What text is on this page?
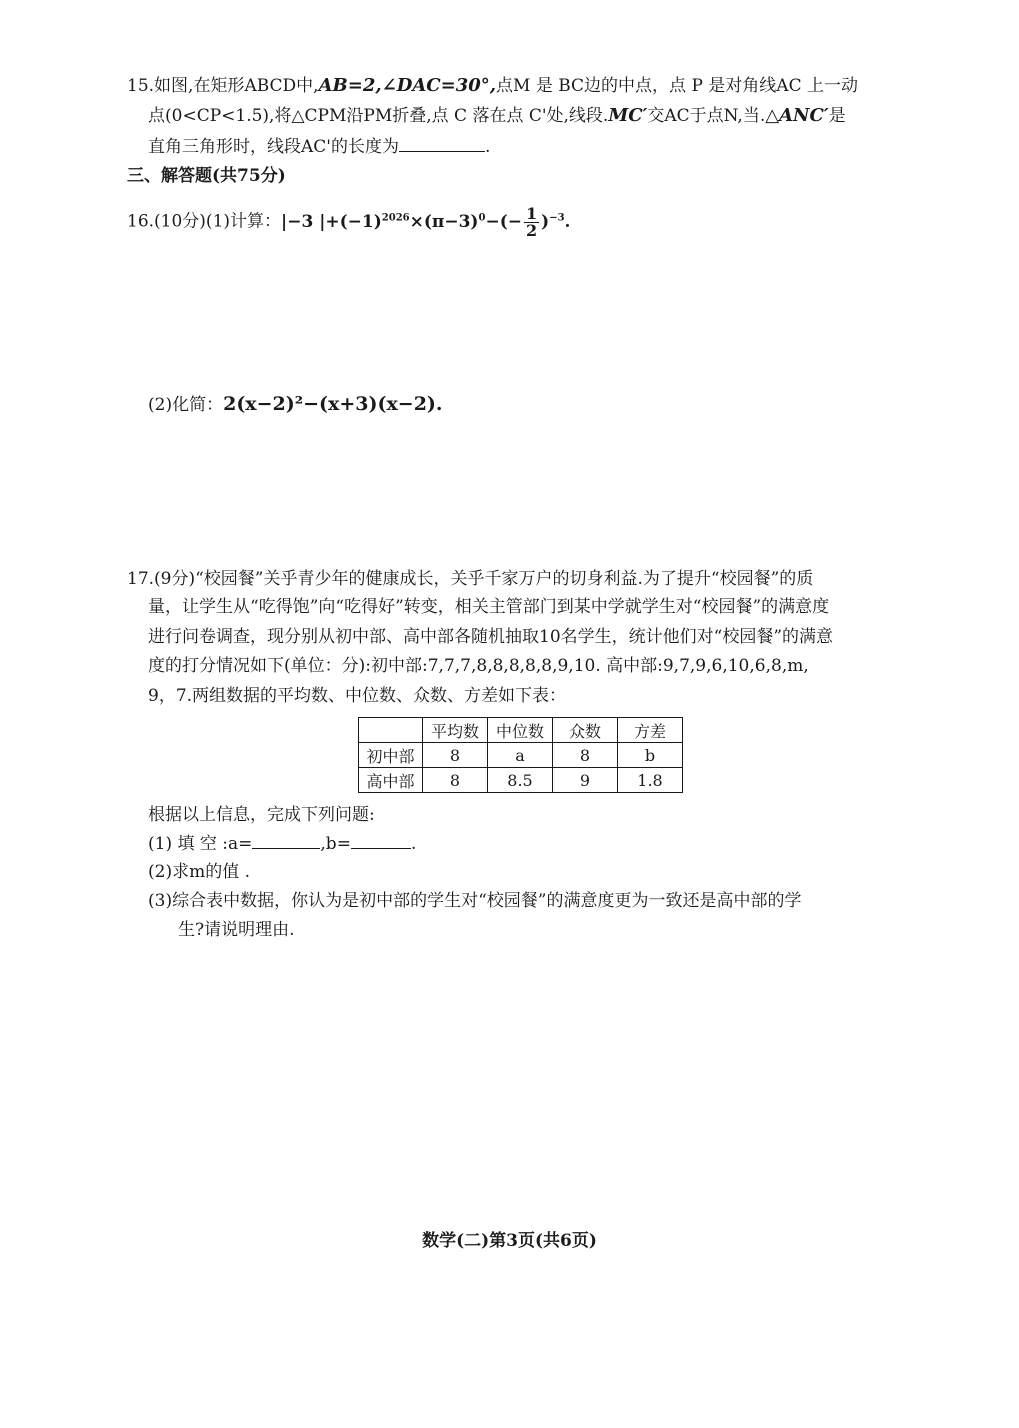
15.如图,在矩形ABCD中,AB=2,∠DAC=30°,点M 是 BC边的中点，点 P 是对角线AC 上一动
点(0<CP<1.5),将△CPM沿PM折叠,点 C 落在点 C'处,线段.MC′交AC于点N,当.△ANC′是
直角三角形时，线段AC'的长度为	.
三、解答题(共75分)
16.(10分)(1)计算：|−3 $|+(-1)^{2026}\times(\pi-3)^0-(- \frac{1}{2} )^{-3}$.
(2)化简：2(x−2)²−(x+3)(x−2).
17.(9分)“校园餐”关乎青少年的健康成长，关乎千家万户的切身利益.为了提升“校园餐”的质
量，让学生从“吃得饱”向“吃得好”转变，相关主管部门到某中学就学生对“校园餐”的满意度
进行问卷调查，现分别从初中部、高中部各随机抽取10名学生，统计他们对“校园餐”的满意
度的打分情况如下(单位：分):初中部:7,7,7,8,8,8,8,8,9,10. 高中部:9,7,9,6,10,6,8,m,
9，7.两组数据的平均数、中位数、众数、方差如下表：
	平均数	中位数	众数	方差
初中部	8	a	8	b
高中部	8	8.5	9	1.8
根据以上信息，完成下列问题:
(1) 填 空 :a=	,b=	.
(2)求m的值 .
(3)综合表中数据，你认为是初中部的学生对“校园餐”的满意度更为一致还是高中部的学
生?请说明理由.
数学(二)第3页(共6页)
